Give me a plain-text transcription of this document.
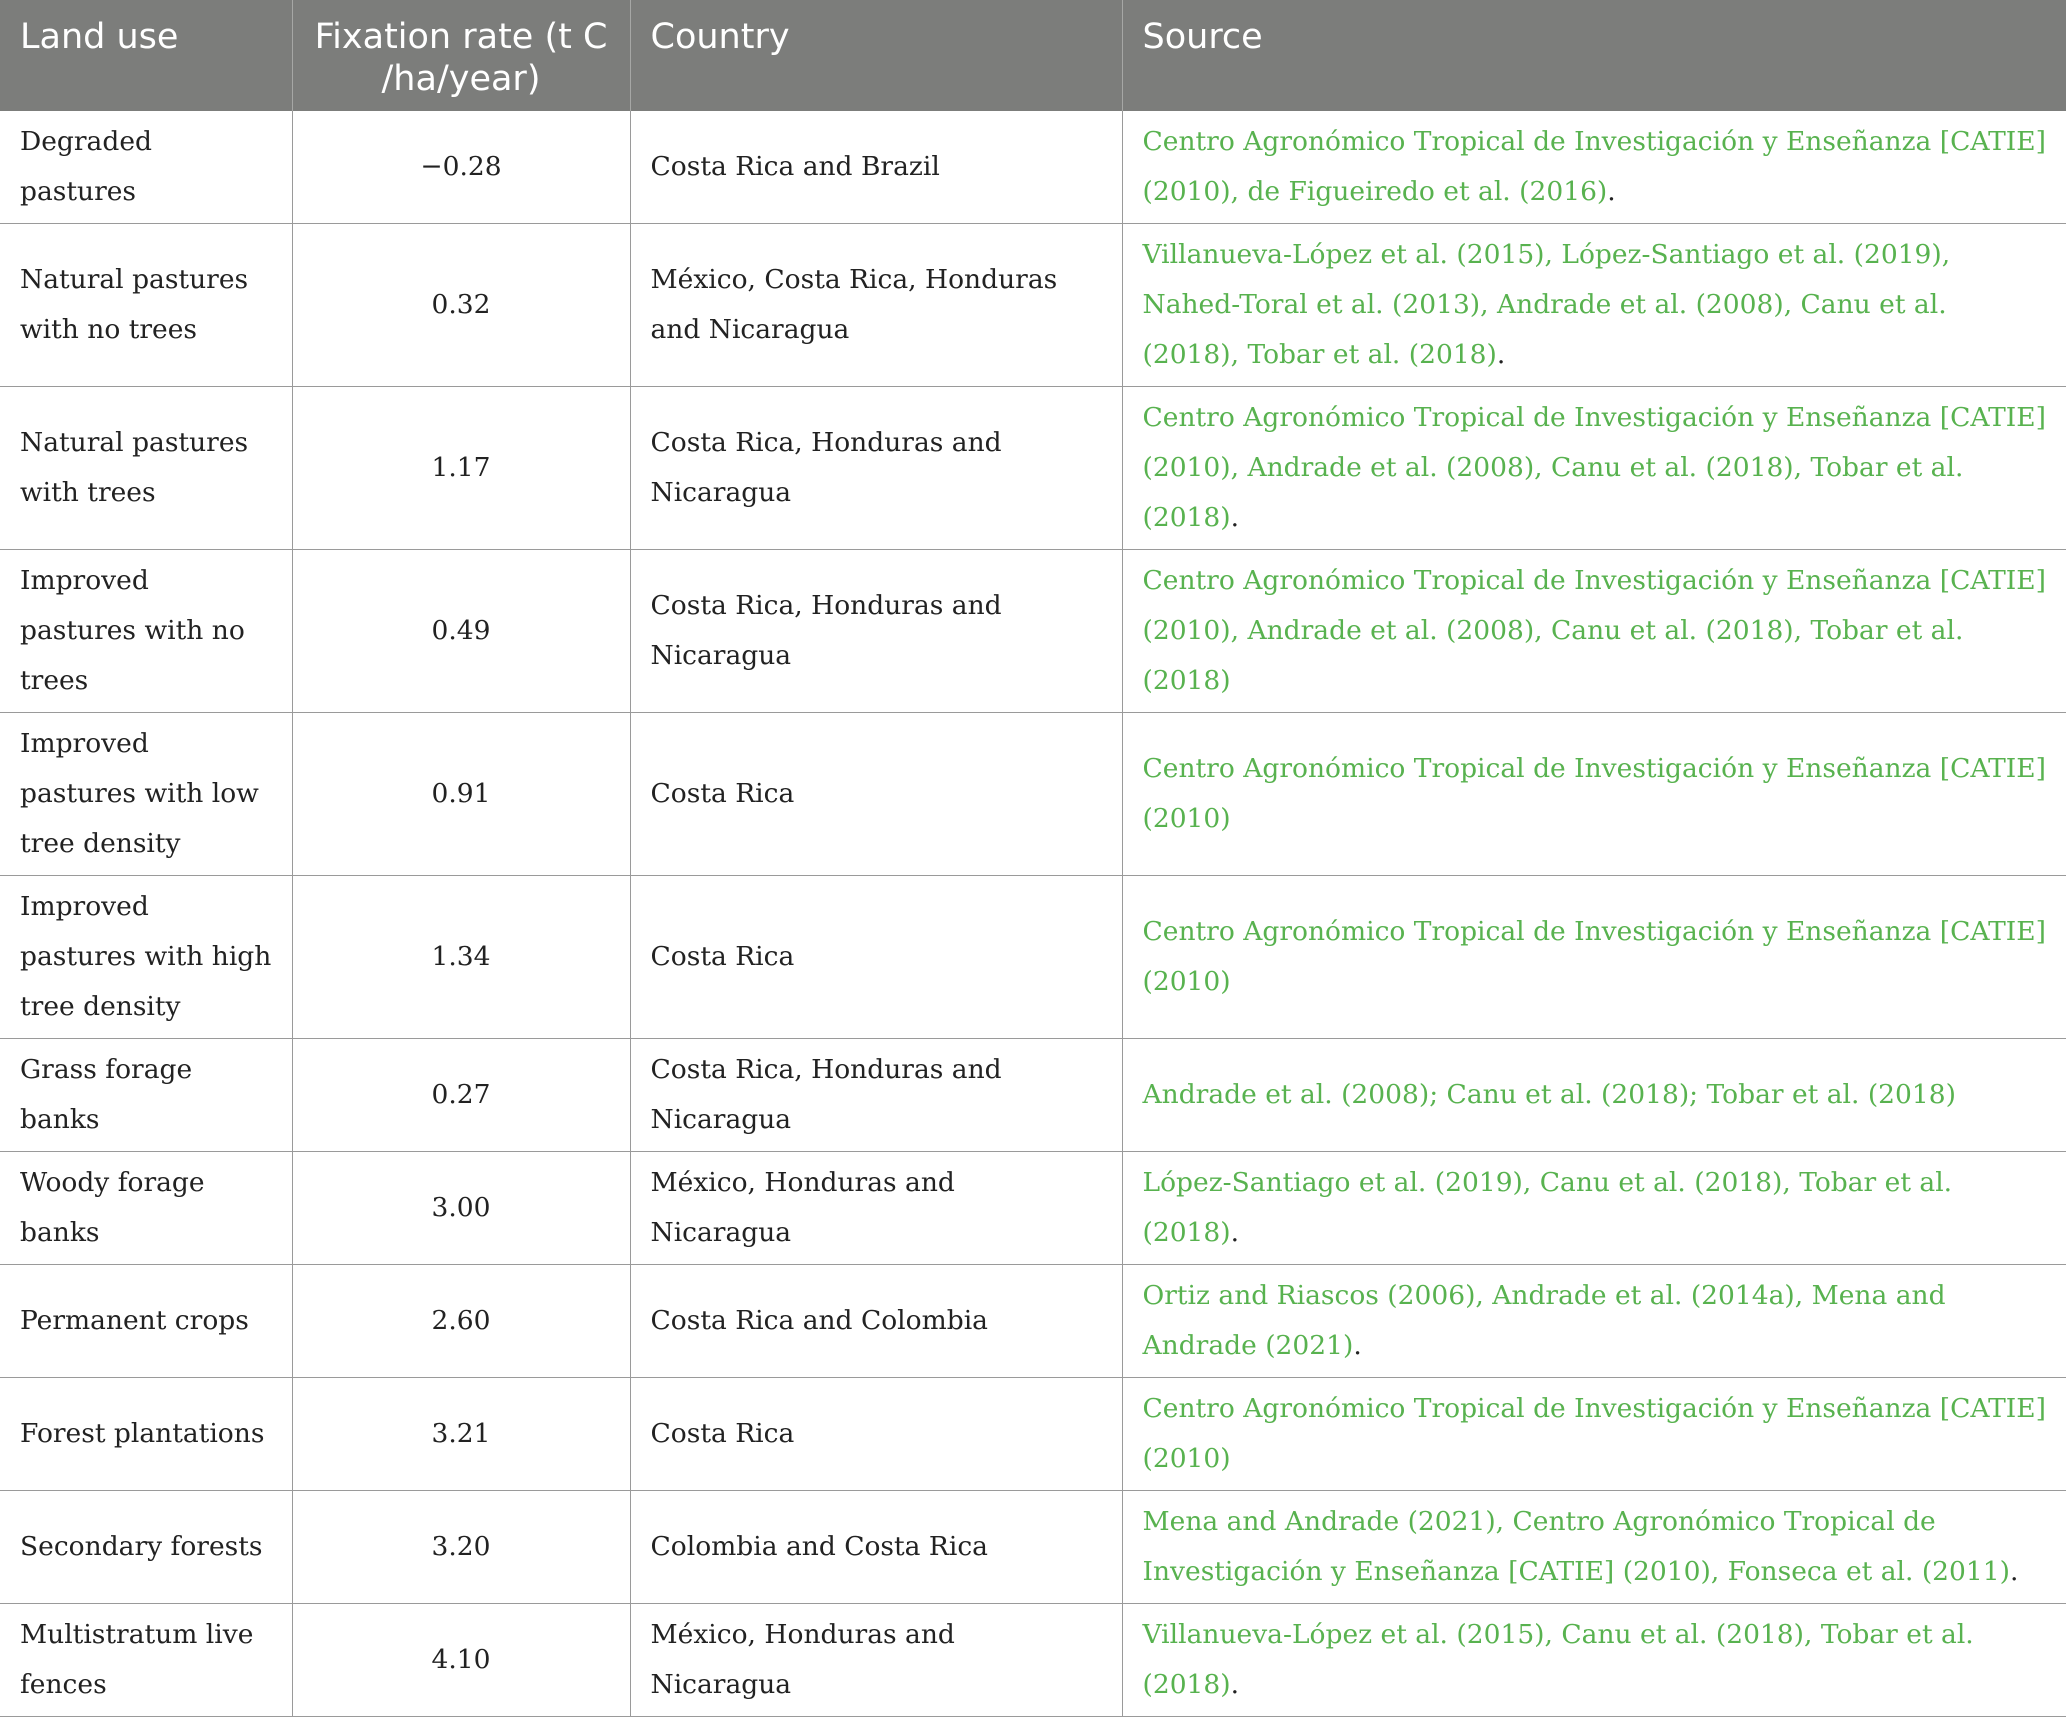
Land use	Fixation rate (t C /ha/year)	Country	Source
Degraded pastures	−0.28	Costa Rica and Brazil	Centro Agronómico Tropical de Investigación y Enseñanza [CATIE] (2010), de Figueiredo et al. (2016).
Natural pastures with no trees	0.32	México, Costa Rica, Honduras and Nicaragua	Villanueva-López et al. (2015), López-Santiago et al. (2019), Nahed-Toral et al. (2013), Andrade et al. (2008), Canu et al. (2018), Tobar et al. (2018).
Natural pastures with trees	1.17	Costa Rica, Honduras and Nicaragua	Centro Agronómico Tropical de Investigación y Enseñanza [CATIE] (2010), Andrade et al. (2008), Canu et al. (2018), Tobar et al. (2018).
Improved pastures with no trees	0.49	Costa Rica, Honduras and Nicaragua	Centro Agronómico Tropical de Investigación y Enseñanza [CATIE] (2010), Andrade et al. (2008), Canu et al. (2018), Tobar et al. (2018)
Improved pastures with low tree density	0.91	Costa Rica	Centro Agronómico Tropical de Investigación y Enseñanza [CATIE] (2010)
Improved pastures with high tree density	1.34	Costa Rica	Centro Agronómico Tropical de Investigación y Enseñanza [CATIE] (2010)
Grass forage banks	0.27	Costa Rica, Honduras and Nicaragua	Andrade et al. (2008); Canu et al. (2018); Tobar et al. (2018)
Woody forage banks	3.00	México, Honduras and Nicaragua	López-Santiago et al. (2019), Canu et al. (2018), Tobar et al. (2018).
Permanent crops	2.60	Costa Rica and Colombia	Ortiz and Riascos (2006), Andrade et al. (2014a), Mena and Andrade (2021).
Forest plantations	3.21	Costa Rica	Centro Agronómico Tropical de Investigación y Enseñanza [CATIE] (2010)
Secondary forests	3.20	Colombia and Costa Rica	Mena and Andrade (2021), Centro Agronómico Tropical de Investigación y Enseñanza [CATIE] (2010), Fonseca et al. (2011).
Multistratum live fences	4.10	México, Honduras and Nicaragua	Villanueva-López et al. (2015), Canu et al. (2018), Tobar et al. (2018).
